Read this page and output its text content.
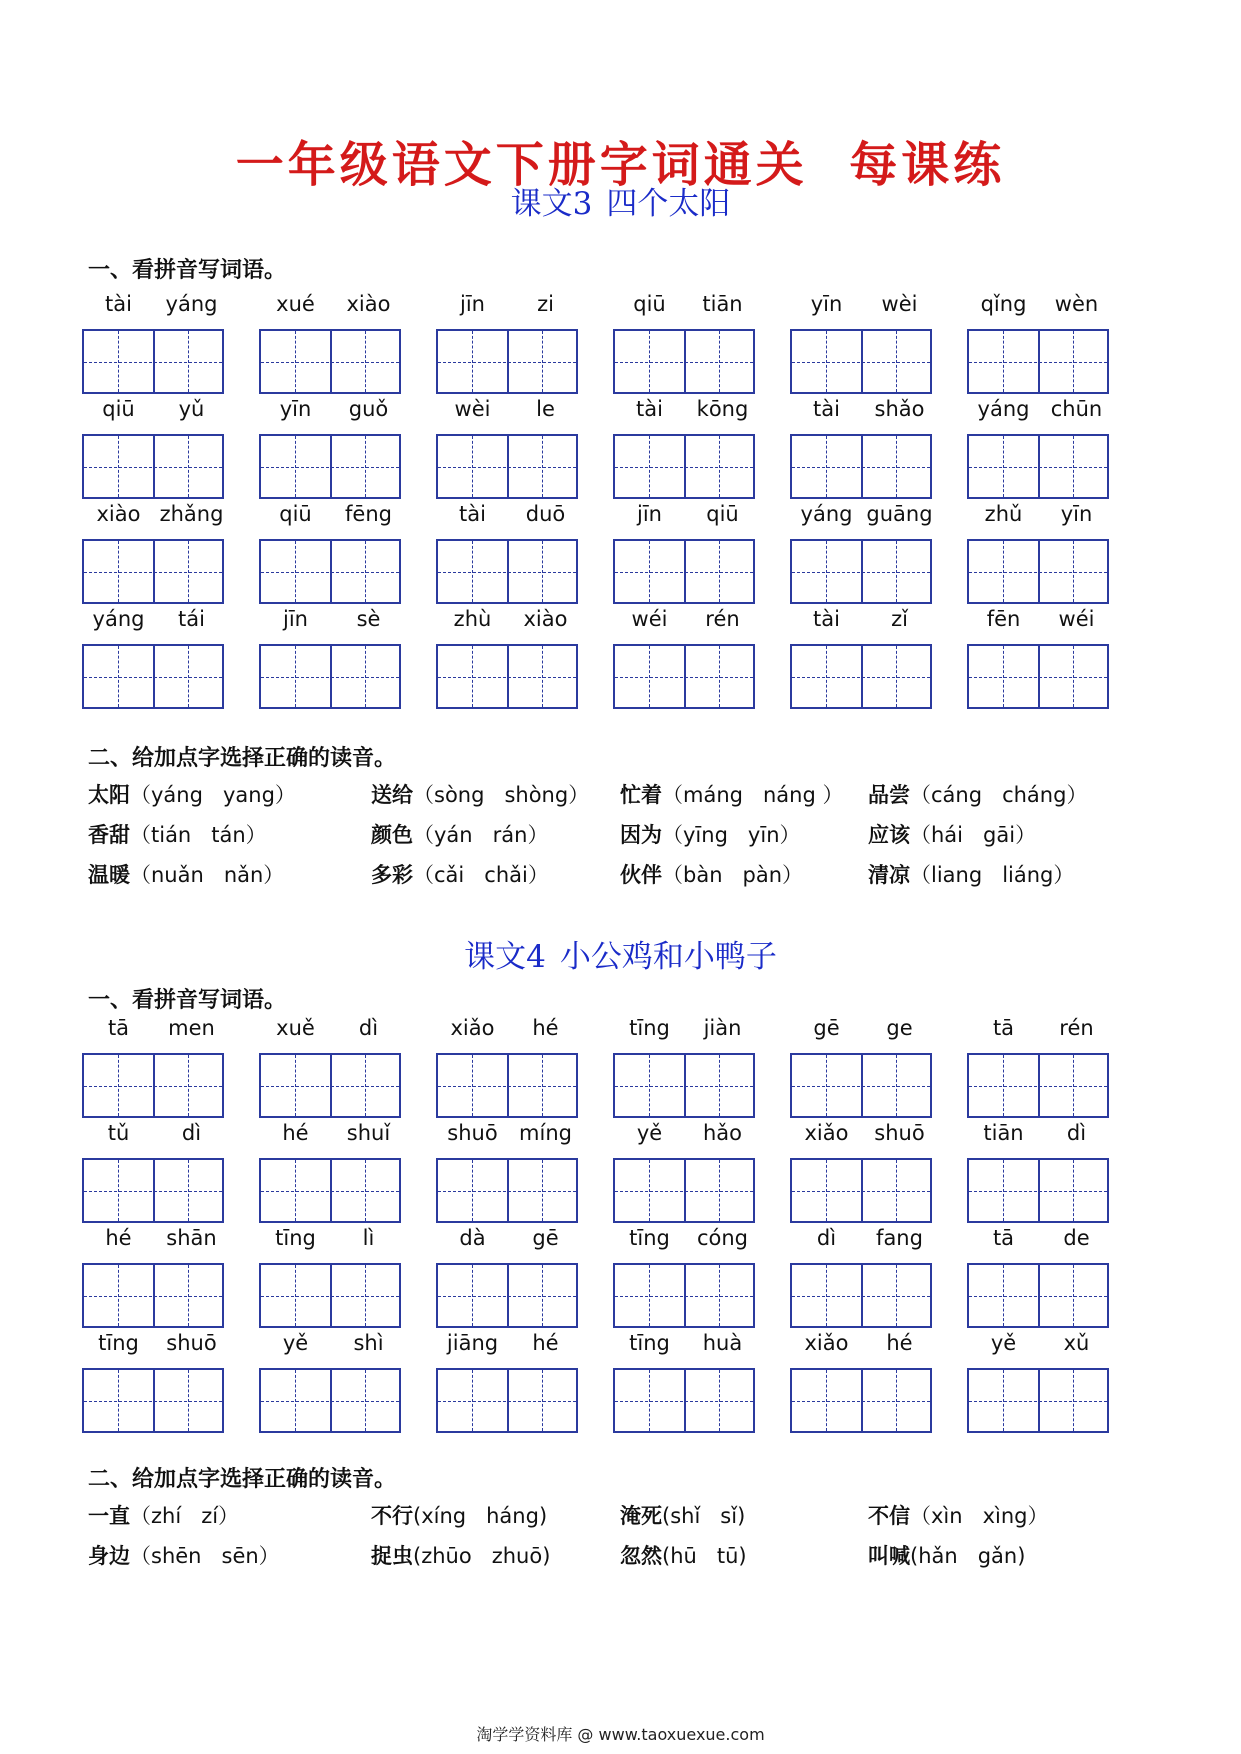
一年级语文下册字词通关  每课练
课文3 四个太阳
一、看拼音写词语。
tài	yáng	xué	xiào	jīn	zi	qiū	tiān	yīn	wèi	qǐng	wèn
qiū	yǔ	yīn	guǒ	wèi	le	tài	kōng	tài	shǎo	yáng	chūn
xiào zhǎng	qiū	fēng	tài	duō	jīn	qiū	yáng guāng	zhǔ	yīn
yáng	tái	jīn	sè	zhù	xiào	wéi	rén	tài	zǐ	fēn	wéi
二、给加点字选择正确的读音。
太阳（yáng   yang）	送给（sòng   shòng） 忙着（máng   náng ） 品尝（cáng   cháng）
香甜（tián   tán）	颜色（yán   rán）	因为（yīng   yīn）	应该（hái   gāi）
温暖（nuǎn   nǎn）	多彩（cǎi   chǎi）	伙伴（bàn   pàn）	清凉（liang   liáng）
课文4 小公鸡和小鸭子
一、看拼音写词语。
tā	men	xuě	dì	xiǎo	hé	tīng	jiàn	gē	ge	tā	rén
tǔ	dì	hé	shuǐ	shuō	míng	yě	hǎo	xiǎo	shuō	tiān	dì
hé	shān	tīng	lì	dà	gē	tīng	cóng	dì	fang	tā	de
tīng	shuō	yě	shì	jiāng	hé	tīng	huà	xiǎo	hé	yě	xǔ
二、给加点字选择正确的读音。
一直（zhí   zí）	不行(xíng   háng)	淹死(shǐ   sǐ)	不信（xìn   xìng）
身边（shēn   sēn）	捉虫(zhūo   zhuō)	忽然(hū   tū)	叫喊(hǎn   gǎn)
淘学学资料库 @ www.taoxuexue.com
